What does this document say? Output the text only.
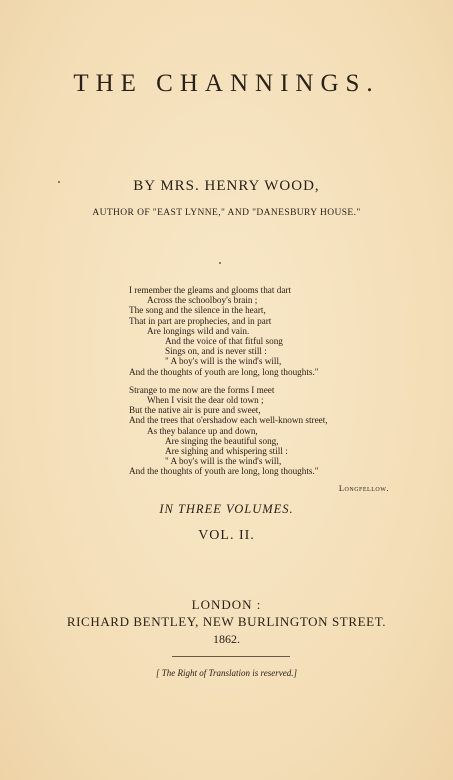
THE CHANNINGS.
BY MRS. HENRY WOOD,
AUTHOR OF "EAST LYNNE," AND "DANESBURY HOUSE."
I remember the gleams and glooms that dart
Across the schoolboy's brain ;
The song and the silence in the heart,
That in part are prophecies, and in part
Are longings wild and vain.
And the voice of that fitful song
Sings on, and is never still :
" A boy's will is the wind's will,
And the thoughts of youth are long, long thoughts."
Strange to me now are the forms I meet
When I visit the dear old town ;
But the native air is pure and sweet,
And the trees that o'ershadow each well-known street,
As they balance up and down,
Are singing the beautiful song,
Are sighing and whispering still :
" A boy's will is the wind's will,
And the thoughts of youth are long, long thoughts."
Longfellow.
IN THREE VOLUMES.
VOL. II.
LONDON :
RICHARD BENTLEY, NEW BURLINGTON STREET.
1862.
[ The Right of Translation is reserved.]
